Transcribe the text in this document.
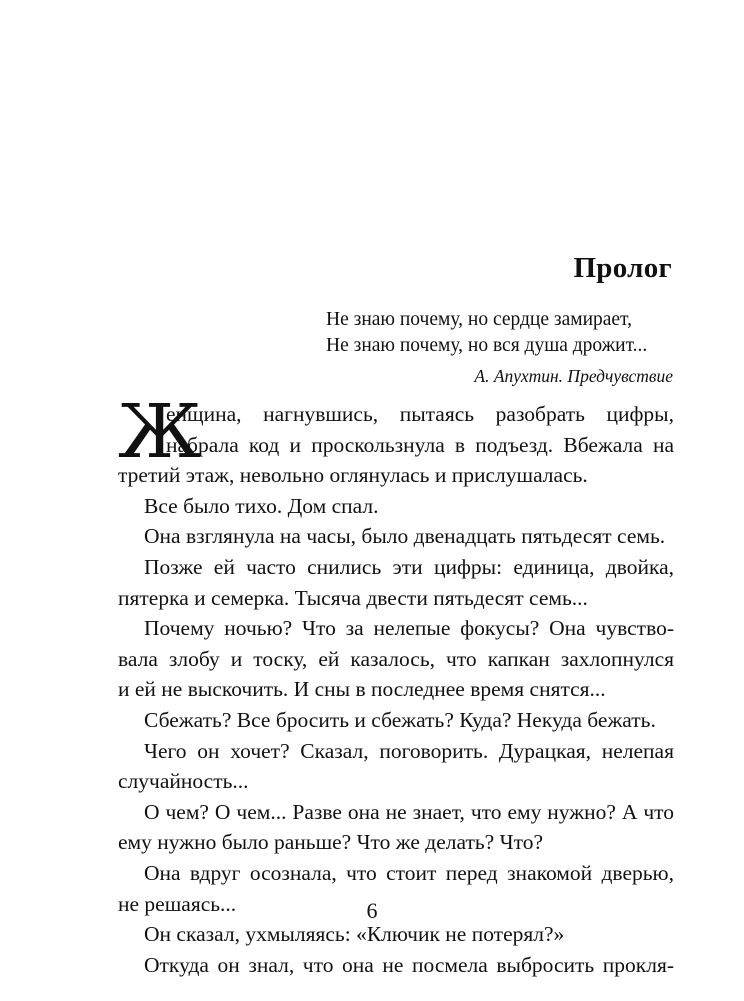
Пролог
Не знаю почему, но сердце замирает,
Не знаю почему, но вся душа дрожит...
А. Апухтин. Предчувствие
Ж
енщина, нагнувшись, пытаясь разобрать цифры,
набрала код и проскользнула в подъезд. Вбежала на
третий этаж, невольно оглянулась и прислушалась.
Все было тихо. Дом спал.
Она взглянула на часы, было двенадцать пятьдесят семь.
Позже ей часто снились эти цифры: единица, двойка,
пятерка и семерка. Тысяча двести пятьдесят семь...
Почему ночью? Что за нелепые фокусы? Она чувство-
вала злобу и тоску, ей казалось, что капкан захлопнулся
и ей не выскочить. И сны в последнее время снятся...
Сбежать? Все бросить и сбежать? Куда? Некуда бежать.
Чего он хочет? Сказал, поговорить. Дурацкая, нелепая
случайность...
О чем? О чем... Разве она не знает, что ему нужно? А что
ему нужно было раньше? Что же делать? Что?
Она вдруг осознала, что стоит перед знакомой дверью,
не решаясь...
Он сказал, ухмыляясь: «Ключик не потерял?»
Откуда он знал, что она не посмела выбросить прокля-
6
